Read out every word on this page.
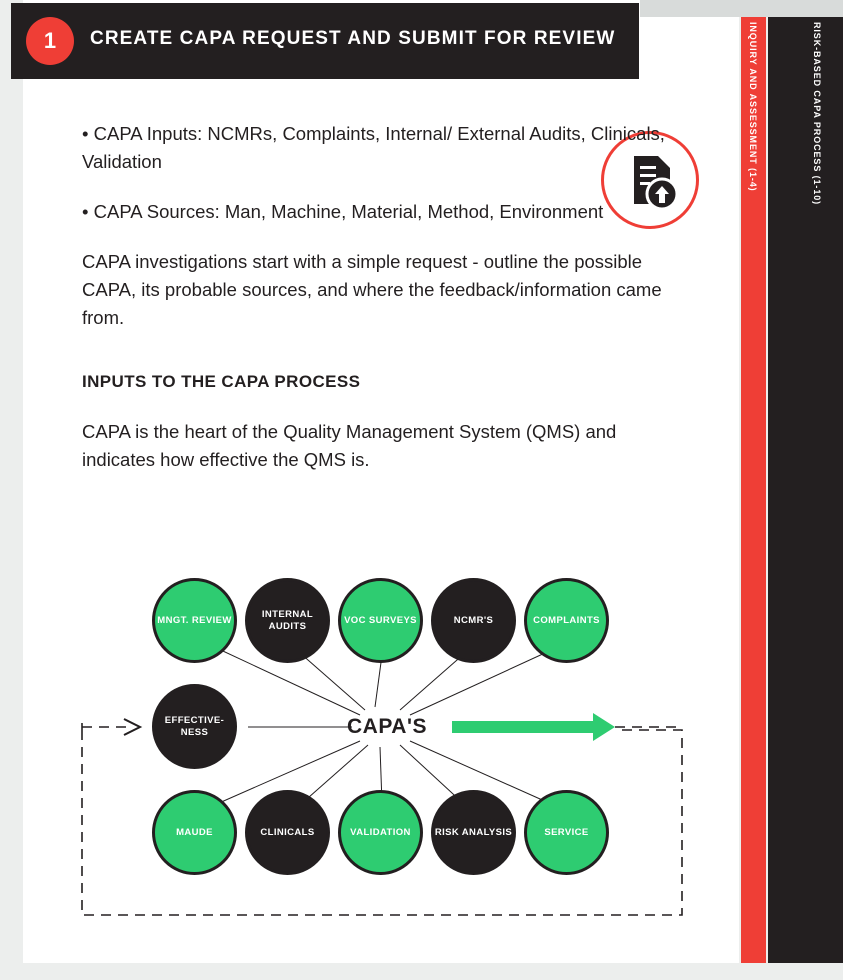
1	CREATE CAPA REQUEST AND SUBMIT FOR REVIEW	INQUIRY AND ASSESSMENT (1-4)	RISK-BASED CAPA PROCESS (1-10)
• CAPA Inputs: NCMRs, Complaints, Internal/ External Audits, Clinicals, Validation
• CAPA Sources: Man, Machine, Material, Method, Environment
CAPA investigations start with a simple request - outline the possible CAPA, its probable sources, and where the feedback/information came from.
INPUTS TO THE CAPA PROCESS
CAPA is the heart of the Quality Management System (QMS) and indicates how effective the QMS is.
MNGT. REVIEW
INTERNAL AUDITS
VOC SURVEYS	NCMR'S	COMPLAINTS
EFFECTIVE- NESS	CAPA'S
MAUDE	CLINICALS	VALIDATION	RISK ANALYSIS	SERVICE
